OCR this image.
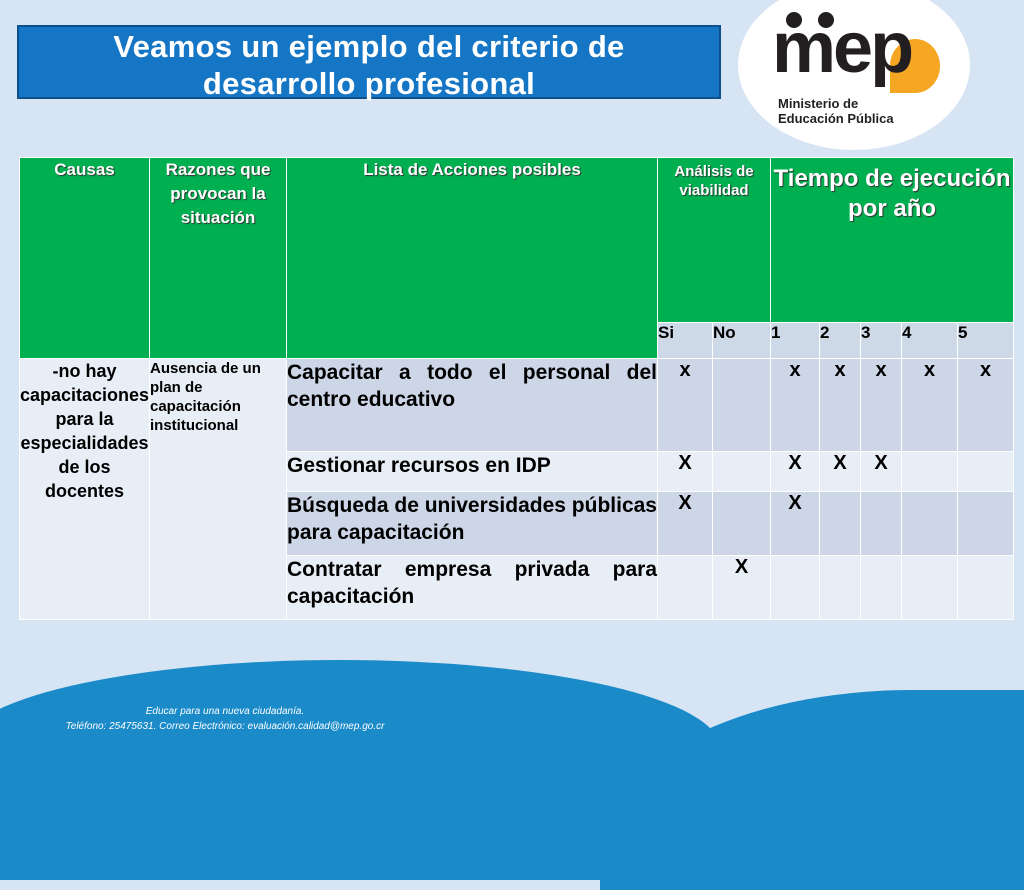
Veamos un ejemplo del criterio de
desarrollo profesional	mep
Ministerio de
Educación Pública
Causas	Razones que provocan la situación	Lista de Acciones posibles	Análisis de viabilidad		Tiempo de ejecución por año				
			Si	No	1	2	3	4	5
-no hay capacitaciones para la especialidades de los docentes	Ausencia de un plan de capacitación institucional	Capacitar a todo el personal del centro educativo	x		x	x	x	x	x
		Gestionar recursos en IDP	X		X	X	X		
		Búsqueda de universidades públicas para capacitación	X		X				
		Contratar empresa privada para capacitación		X					
Educar para una nueva ciudadanía.
Teléfono: 25475631. Correo Electrónico: evaluación.calidad@mep.go.cr
